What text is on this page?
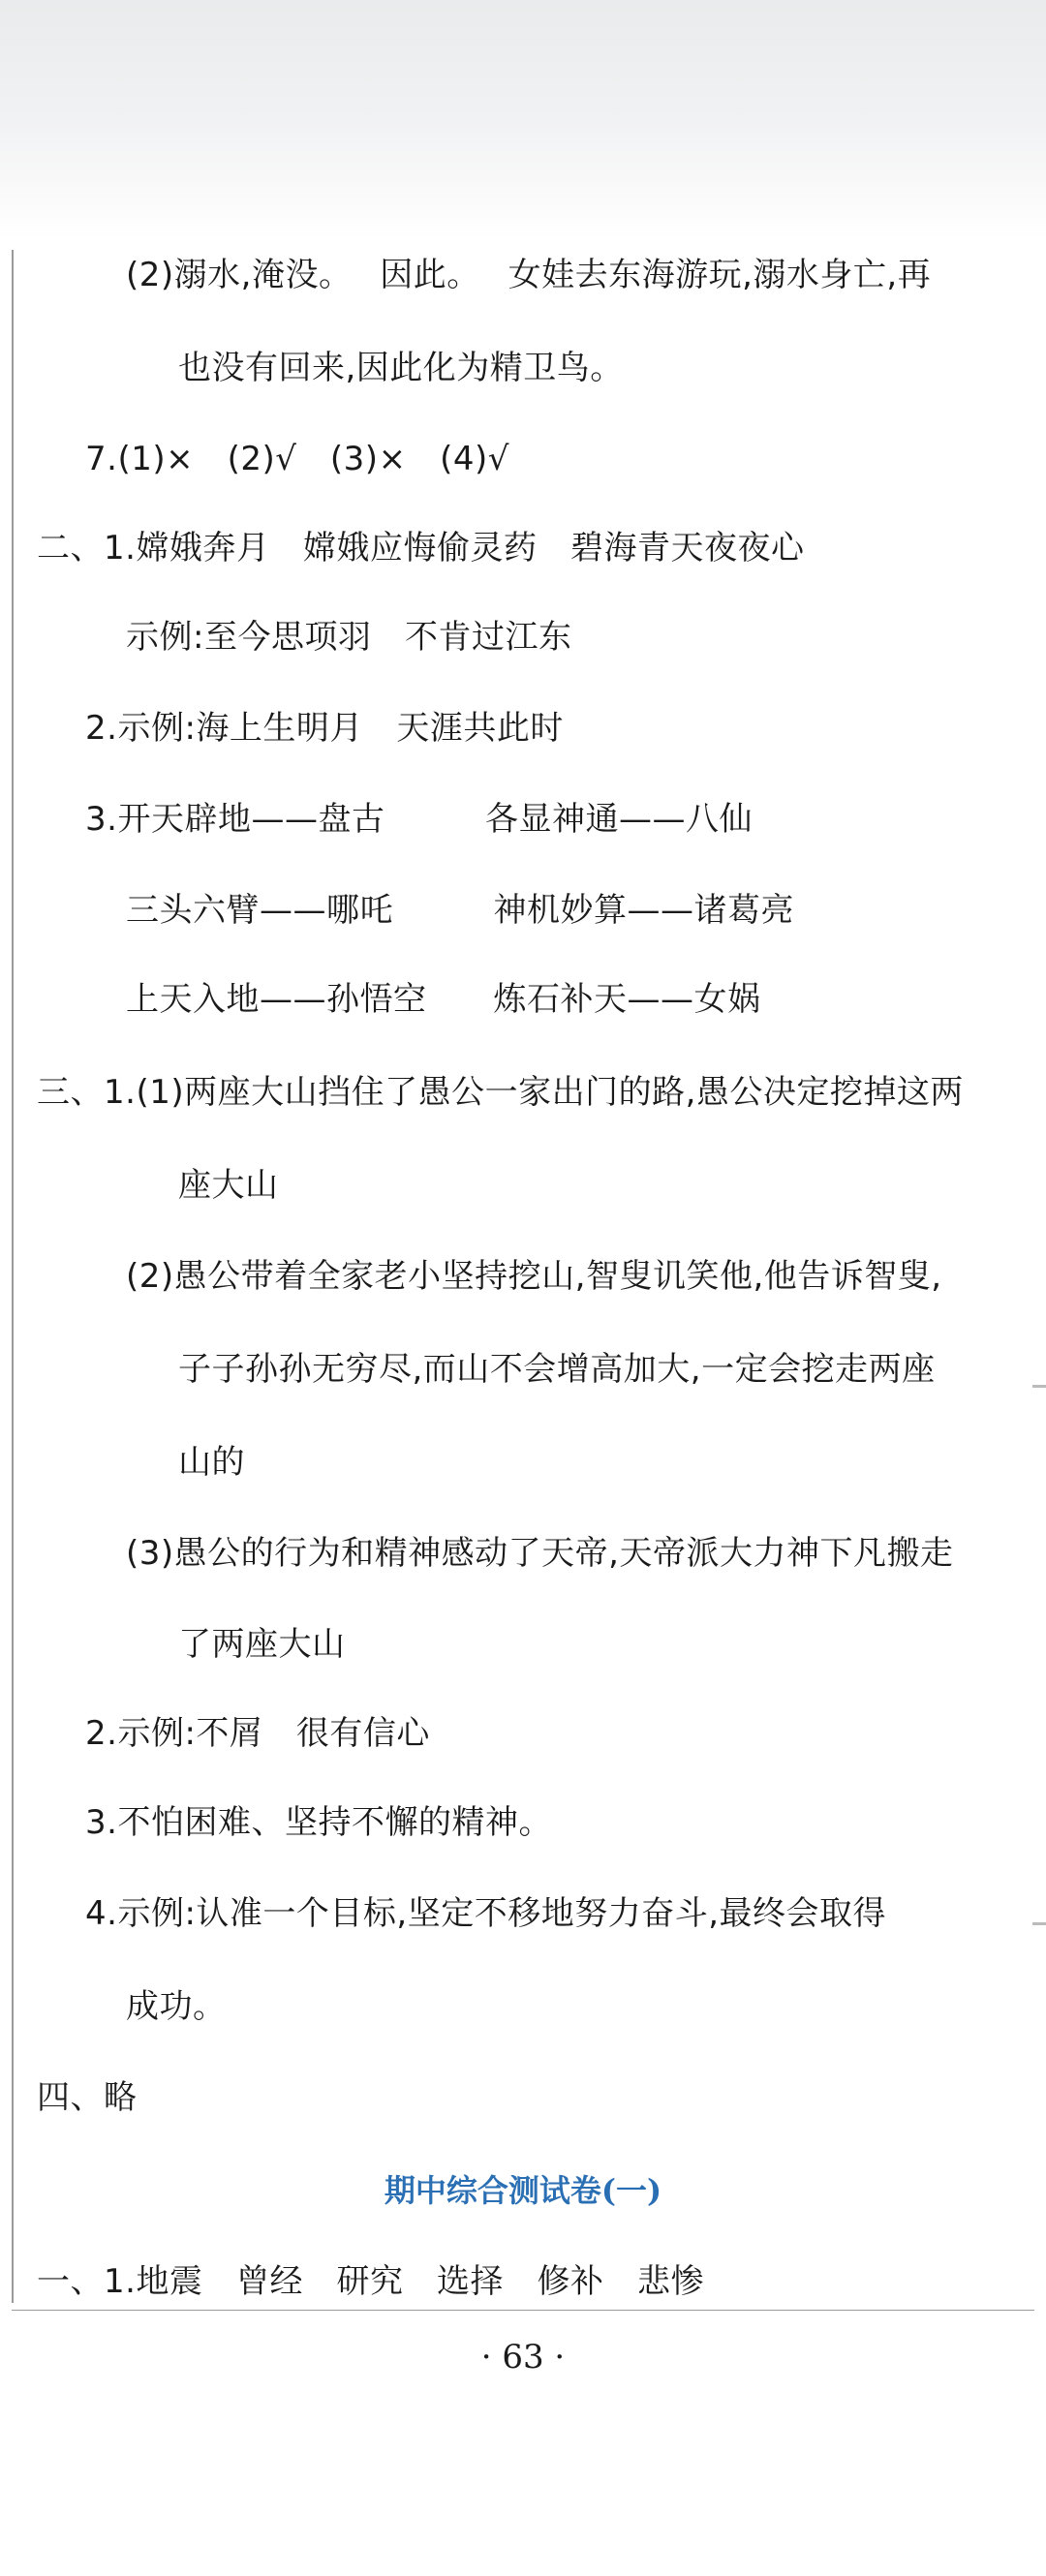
(2)溺水,淹没。　 因此。　 女娃去东海游玩,溺水身亡,再
也没有回来,因此化为精卫鸟。
7.(1)×　(2)√　(3)×　(4)√
二、1.嫦娥奔月　嫦娥应悔偷灵药　碧海青天夜夜心
示例:至今思项羽　不肯过江东
2.示例:海上生明月　天涯共此时
3.开天辟地——盘古　　　各显神通——八仙
三头六臂——哪吒　　　神机妙算——诸葛亮
上天入地——孙悟空　　炼石补天——女娲
三、1.(1)两座大山挡住了愚公一家出门的路,愚公决定挖掉这两
座大山
(2)愚公带着全家老小坚持挖山,智叟讥笑他,他告诉智叟,
子子孙孙无穷尽,而山不会增高加大,一定会挖走两座
山的
(3)愚公的行为和精神感动了天帝,天帝派大力神下凡搬走
了两座大山
2.示例:不屑　很有信心
3.不怕困难、坚持不懈的精神。
4.示例:认准一个目标,坚定不移地努力奋斗,最终会取得
成功。
四、略
期中综合测试卷(一)
一、1.地震　曾经　研究　选择　修补　悲惨
· 63 ·
